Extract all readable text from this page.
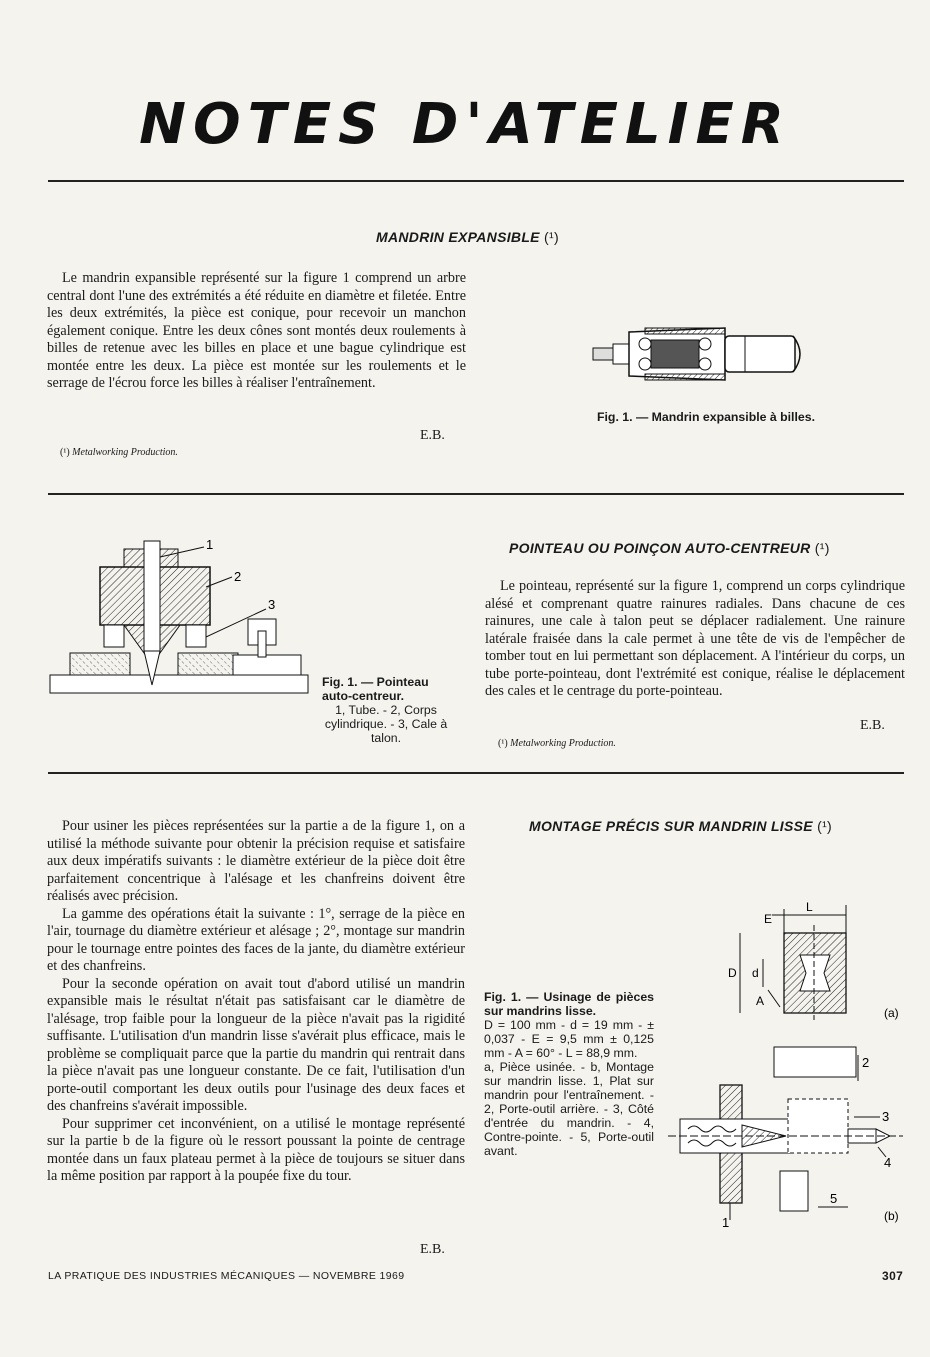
NOTES D'ATELIER
MANDRIN EXPANSIBLE (¹)

Le mandrin expansible représenté sur la figure 1 comprend un arbre central dont l'une des extrémités a été réduite en diamètre et filetée. Entre les deux extrémités, la pièce est conique, pour recevoir un manchon également conique. Entre les deux cônes sont montés deux roulements à billes de retenue avec les billes en place et une bague cylindrique est montée entre les deux. La pièce est montée sur les roulements et le serrage de l'écrou force les billes à réaliser l'entraînement.

E.B.
(¹) Metalworking Production.
Fig. 1. — Mandrin expansible à billes.
1
2
3
Fig. 1. — Pointeau auto-centreur.
1, Tube. - 2, Corps cylindrique. - 3, Cale à talon.
POINTEAU OU POINÇON AUTO-CENTREUR (¹)

Le pointeau, représenté sur la figure 1, comprend un corps cylindrique alésé et comprenant quatre rainures radiales. Dans chacune de ces rainures, une cale à talon peut se déplacer radialement. Une rainure latérale fraisée dans la cale permet à une tête de vis de l'empêcher de tomber tout en lui permettant son déplacement. A l'intérieur du corps, un tube porte-pointeau, dont l'extrémité est conique, réalise le déplacement des cales et le centrage du porte-pointeau.

E.B.
(¹) Metalworking Production.

Pour usiner les pièces représentées sur la partie a de la figure 1, on a utilisé la méthode suivante pour obtenir la précision requise et satisfaire aux deux impératifs suivants : le diamètre extérieur de la pièce doit être parfaitement concentrique à l'alésage et les chanfreins doivent être réalisés avec précision.

La gamme des opérations était la suivante : 1°, serrage de la pièce en l'air, tournage du diamètre extérieur et alésage ; 2°, montage sur mandrin pour le tournage entre pointes des faces de la jante, du diamètre extérieur et des chanfreins.

Pour la seconde opération on avait tout d'abord utilisé un mandrin expansible mais le résultat n'était pas satisfaisant car le diamètre de l'alésage, trop faible pour la longueur de la pièce n'avait pas la rigidité suffisante. L'utilisation d'un mandrin lisse s'avérait plus efficace, mais le problème se compliquait parce que la partie du mandrin qui rentrait dans la pièce n'avait pas une longueur constante. De ce fait, l'utilisation d'un porte-outil comportant les deux outils pour l'usinage des deux faces et des chanfreins s'avérait impossible.

Pour supprimer cet inconvénient, on a utilisé le montage représenté sur la partie b de la figure où le ressort poussant la pointe de centrage montée dans un faux plateau permet à la pièce de toujours se situer dans la même position par rapport à la poupée fixe du tour.

E.B.
MONTAGE PRÉCIS SUR MANDRIN LISSE (¹)
Fig. 1. — Usinage de pièces sur mandrins lisse.
D = 100 mm - d = 19 mm - ± 0,037 - E = 9,5 mm ± 0,125 mm - A = 60° - L = 88,9 mm.
a, Pièce usinée. - b, Montage sur mandrin lisse. 1, Plat sur mandrin pour l'entraînement. - 2, Porte-outil arrière. - 3, Côté d'entrée du mandrin. - 4, Contre-pointe. - 5, Porte-outil avant.
E
L
D d
A
(a)
2
3
4
5
1	(b)
LA PRATIQUE DES INDUSTRIES MÉCANIQUES — NOVEMBRE 1969	307
